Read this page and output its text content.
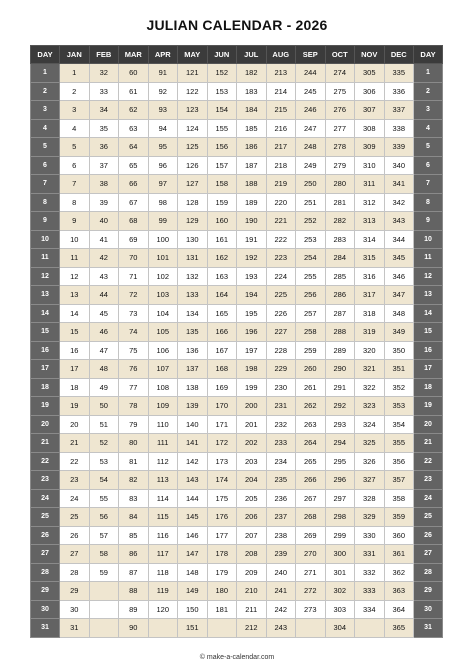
JULIAN CALENDAR - 2026
DAY	JAN	FEB	MAR	APR	MAY	JUN	JUL	AUG	SEP	OCT	NOV	DEC	DAY
1	1	32	60	91	121	152	182	213	244	274	305	335	1
2	2	33	61	92	122	153	183	214	245	275	306	336	2
3	3	34	62	93	123	154	184	215	246	276	307	337	3
4	4	35	63	94	124	155	185	216	247	277	308	338	4
5	5	36	64	95	125	156	186	217	248	278	309	339	5
6	6	37	65	96	126	157	187	218	249	279	310	340	6
7	7	38	66	97	127	158	188	219	250	280	311	341	7
8	8	39	67	98	128	159	189	220	251	281	312	342	8
9	9	40	68	99	129	160	190	221	252	282	313	343	9
10	10	41	69	100	130	161	191	222	253	283	314	344	10
11	11	42	70	101	131	162	192	223	254	284	315	345	11
12	12	43	71	102	132	163	193	224	255	285	316	346	12
13	13	44	72	103	133	164	194	225	256	286	317	347	13
14	14	45	73	104	134	165	195	226	257	287	318	348	14
15	15	46	74	105	135	166	196	227	258	288	319	349	15
16	16	47	75	106	136	167	197	228	259	289	320	350	16
17	17	48	76	107	137	168	198	229	260	290	321	351	17
18	18	49	77	108	138	169	199	230	261	291	322	352	18
19	19	50	78	109	139	170	200	231	262	292	323	353	19
20	20	51	79	110	140	171	201	232	263	293	324	354	20
21	21	52	80	111	141	172	202	233	264	294	325	355	21
22	22	53	81	112	142	173	203	234	265	295	326	356	22
23	23	54	82	113	143	174	204	235	266	296	327	357	23
24	24	55	83	114	144	175	205	236	267	297	328	358	24
25	25	56	84	115	145	176	206	237	268	298	329	359	25
26	26	57	85	116	146	177	207	238	269	299	330	360	26
27	27	58	86	117	147	178	208	239	270	300	331	361	27
28	28	59	87	118	148	179	209	240	271	301	332	362	28
29	29		88	119	149	180	210	241	272	302	333	363	29
30	30		89	120	150	181	211	242	273	303	334	364	30
31	31		90		151		212	243		304		365	31
© make-a-calendar.com
